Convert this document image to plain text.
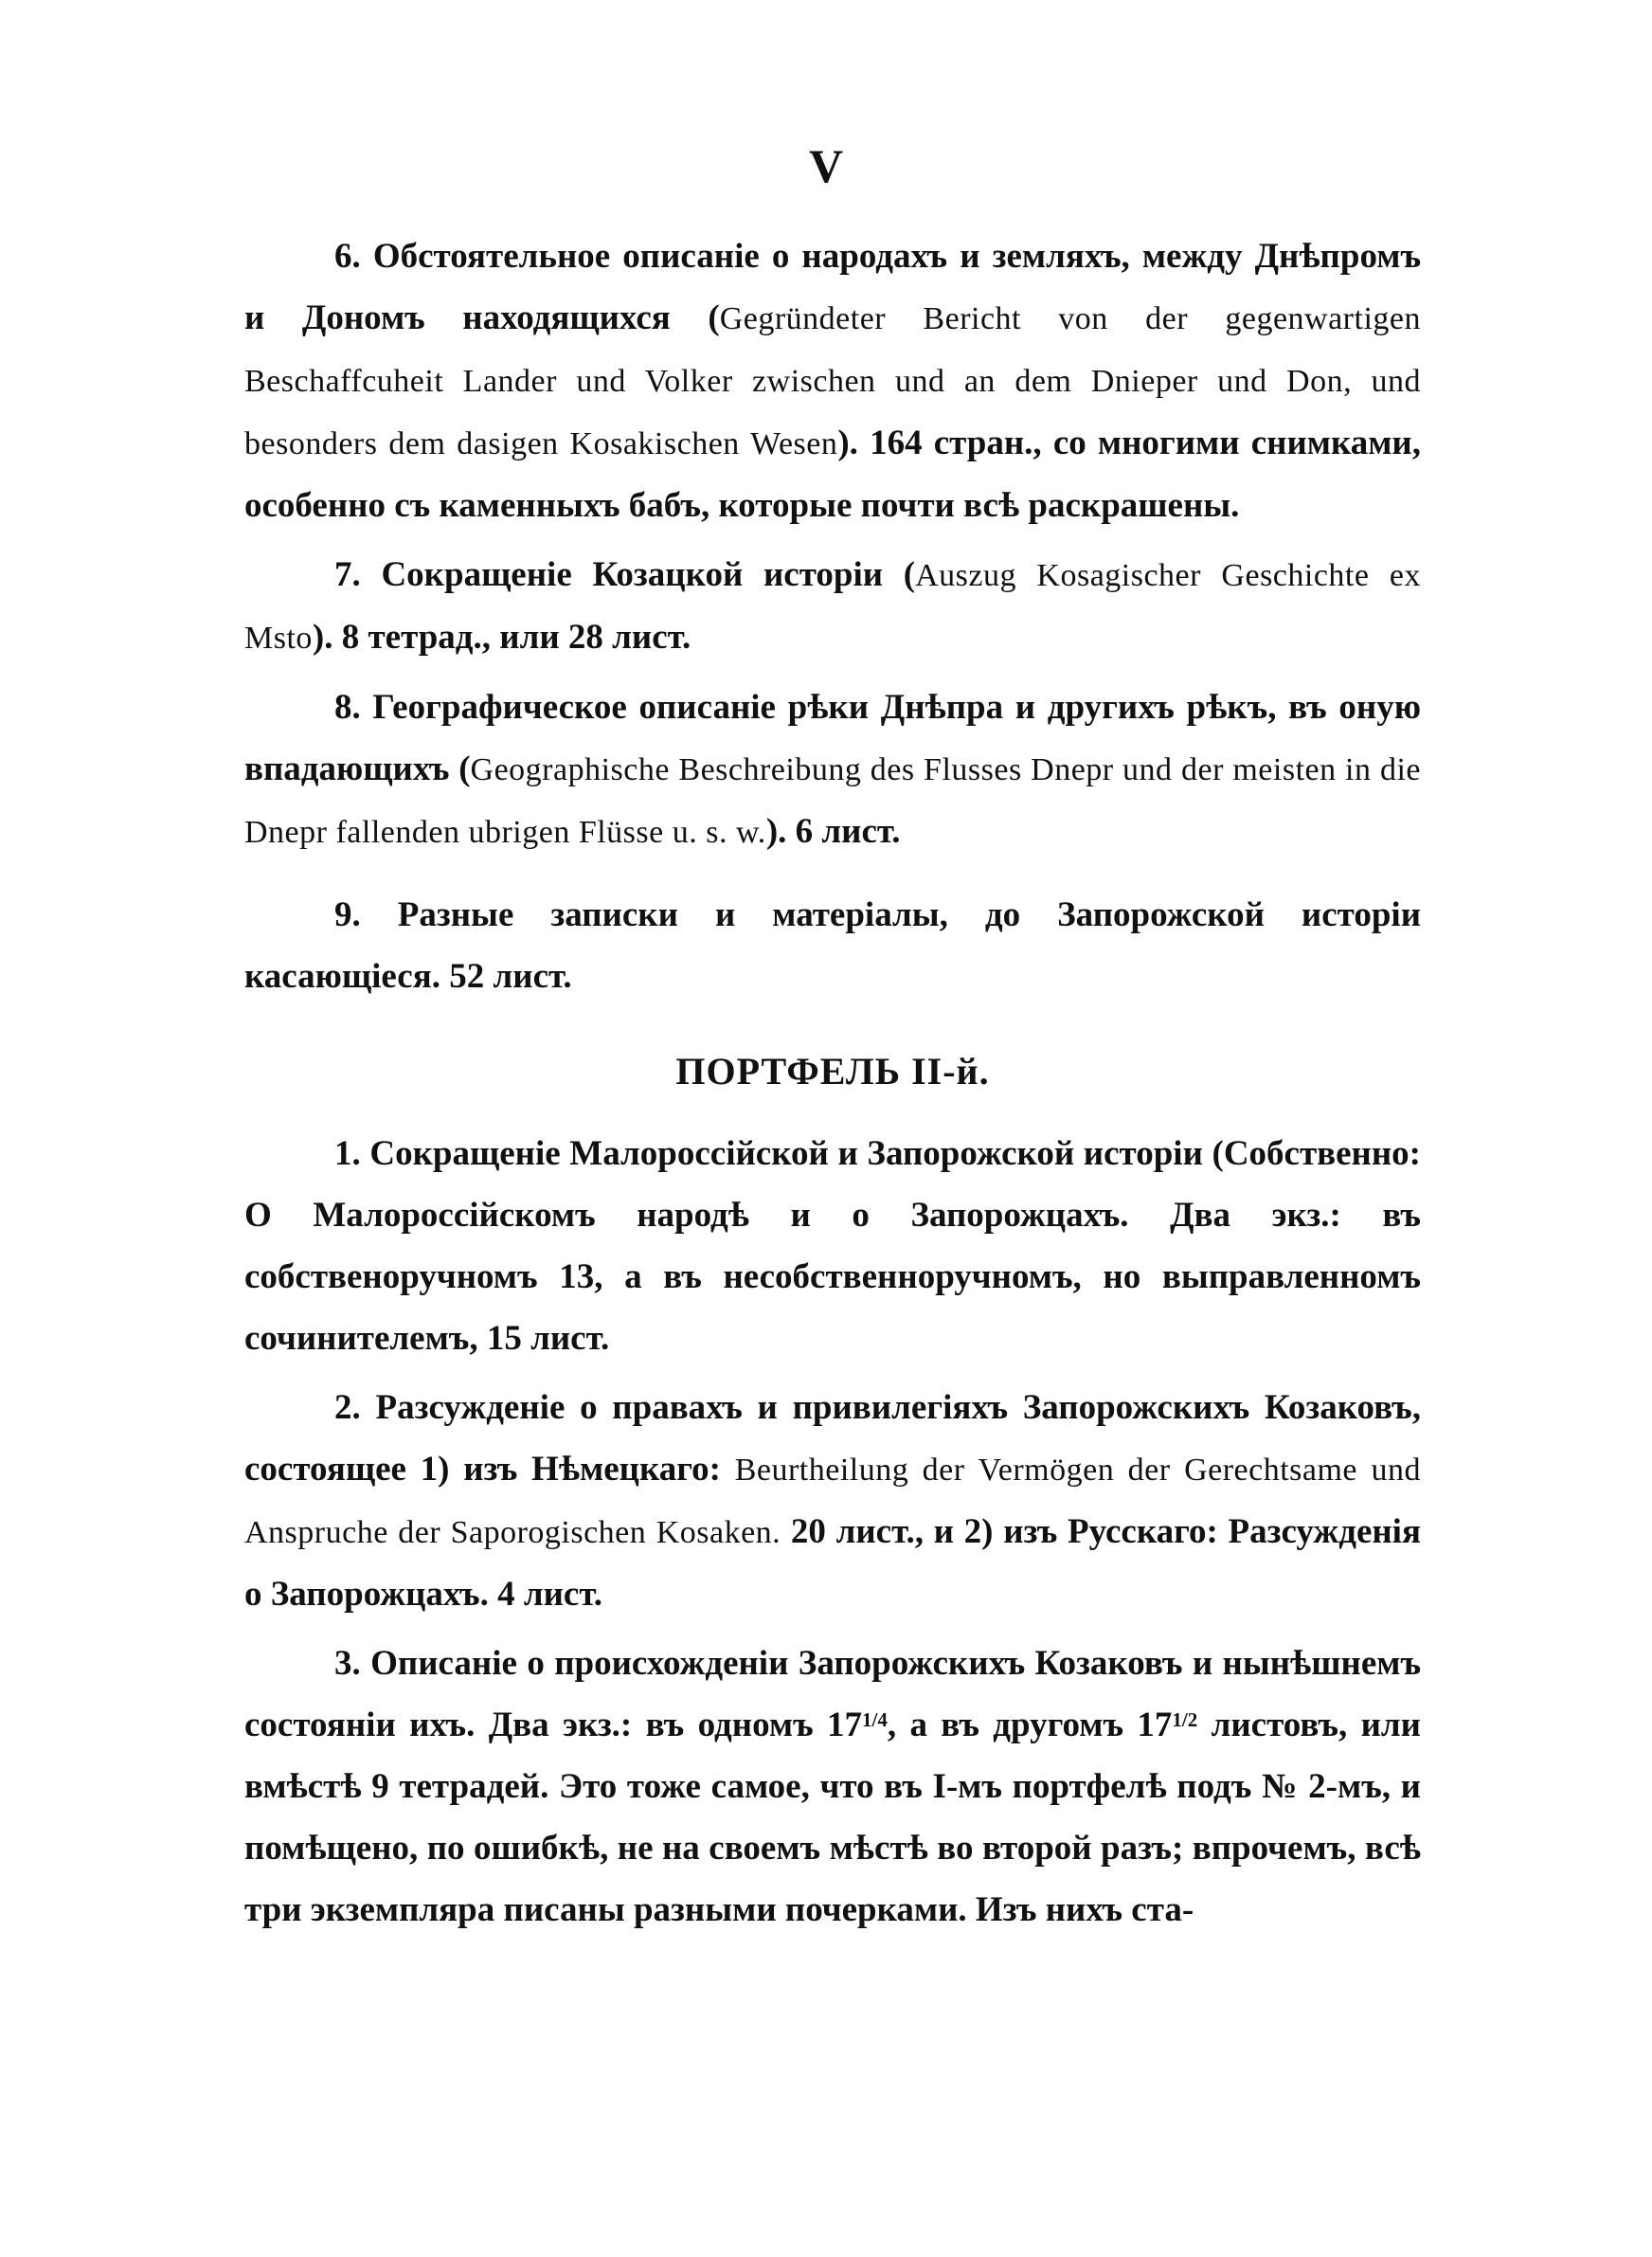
V

6. Обстоятельное описаніе о народахъ и земляхъ, между Днѣпромъ и Дономъ находящихся (Gegründeter Bericht von der gegenwartigen Beschaffcuheit Lander und Volker zwischen und an dem Dnieper und Don, und besonders dem dasigen Kosakischen Wesen). 164 стран., со многими снимками, особенно съ каменныхъ бабъ, которые почти всѣ раскрашены.

7. Сокращеніе Козацкой исторіи (Auszug Kosagischer Geschichte ex Msto). 8 тетрад., или 28 лист.

8. Географическое описаніе рѣки Днѣпра и другихъ рѣкъ, въ оную впадающихъ (Geographische Beschreibung des Flusses Dnepr und der meisten in die Dnepr fallenden ubrigen Flüsse u. s. w.). 6 лист.

9. Разные записки и матеріалы, до Запорожской исторіи касающіеся. 52 лист.

ПОРТФЕЛЬ II-й.

1. Сокращеніе Малороссійской и Запорожской исторіи (Собственно: О Малороссійскомъ народѣ и о Запорожцахъ. Два экз.: въ собственоручномъ 13, а въ несобственноручномъ, но выправленномъ сочинителемъ, 15 лист.

2. Разсужденіе о правахъ и привилегіяхъ Запорожскихъ Козаковъ, состоящее 1) изъ Нѣмецкаго: Beurtheilung der Vermögen der Gerechtsame und Anspruche der Saporogischen Kosaken. 20 лист., и 2) изъ Русскаго: Разсужденія о Запорожцахъ. 4 лист.

3. Описаніе о происхожденіи Запорожскихъ Козаковъ и нынѣшнемъ состояніи ихъ. Два экз.: въ одномъ $17^{1/4}$, а въ другомъ $17^{1/2}$ листовъ, или вмѣстѣ 9 тетрадей. Это тоже самое, что въ I-мъ портфелѣ подъ № 2-мъ, и помѣщено, по ошибкѣ, не на своемъ мѣстѣ во второй разъ; впрочемъ, всѣ три экземпляра писаны разными почерками. Изъ нихъ ста-
